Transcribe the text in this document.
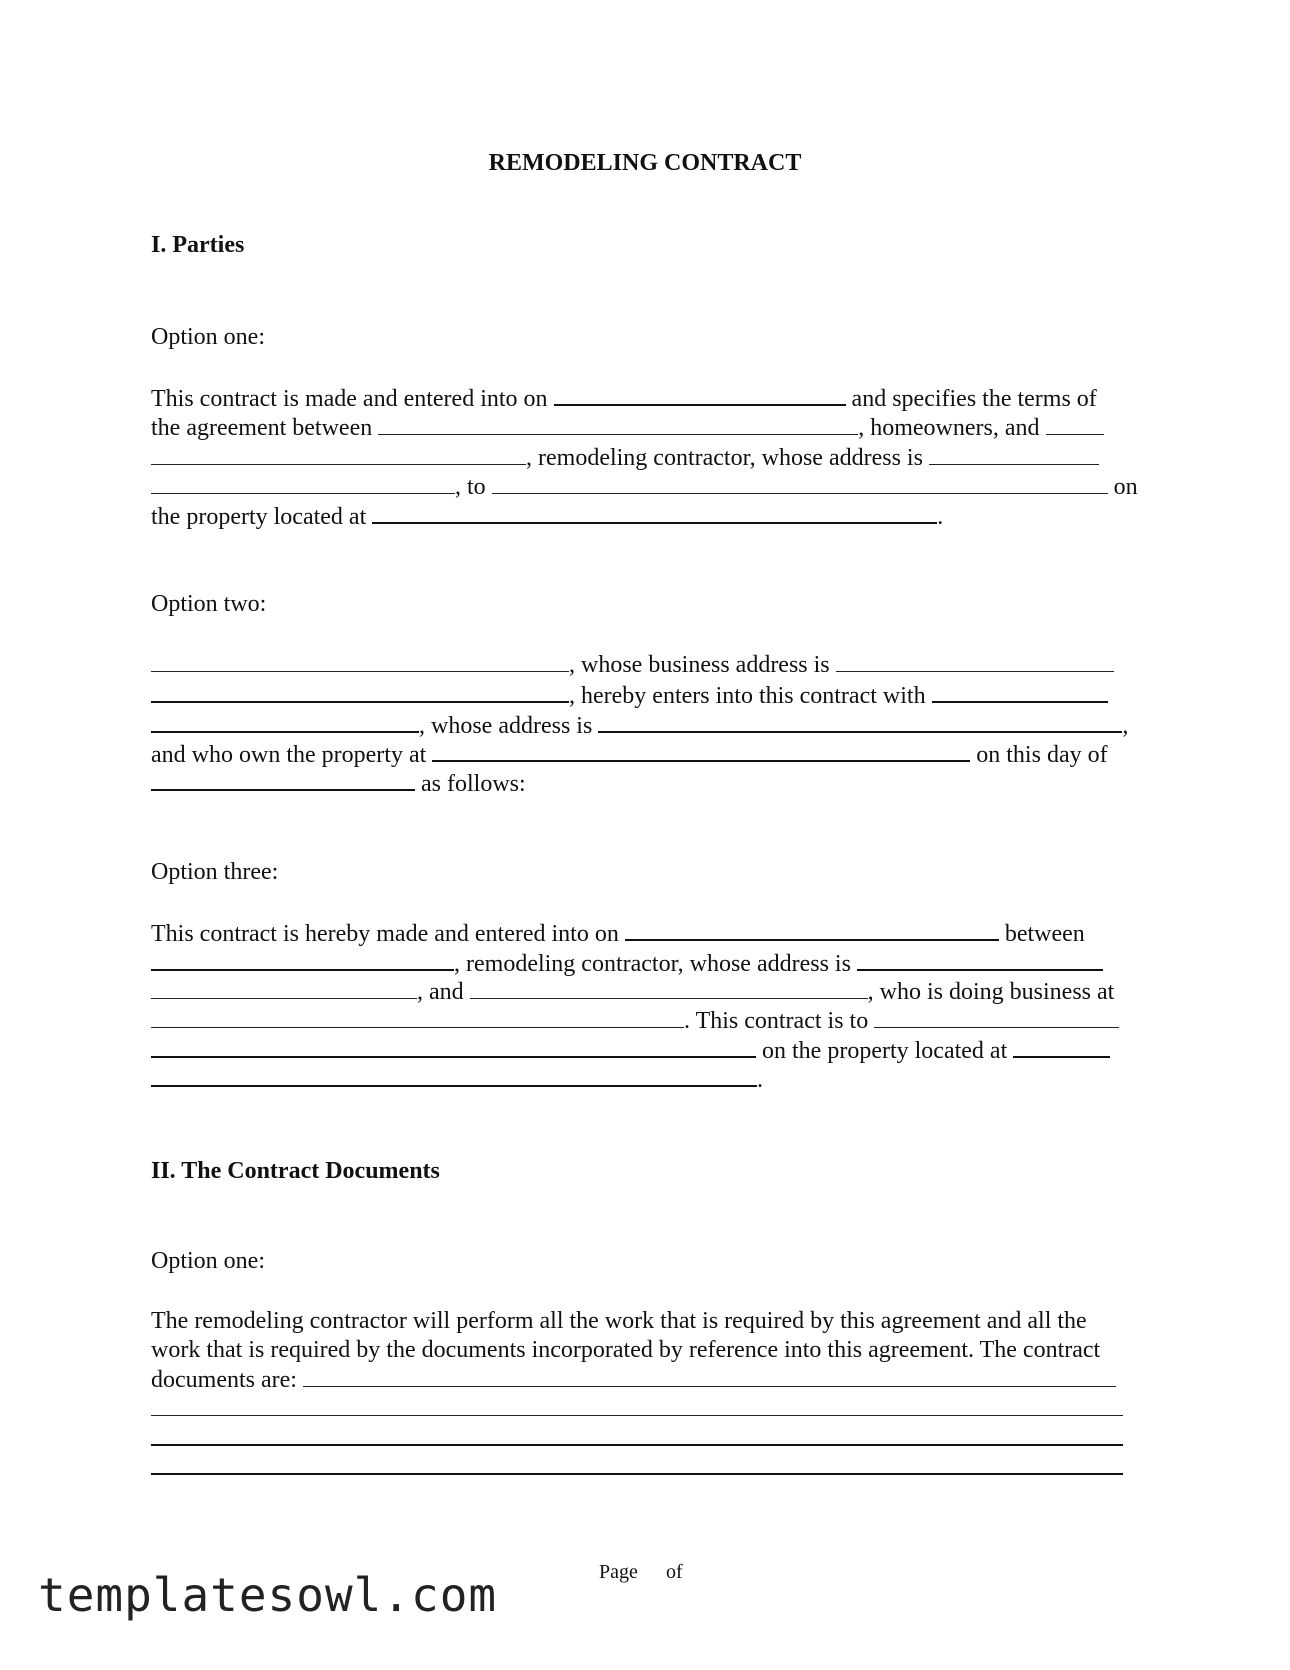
REMODELING CONTRACT
I. Parties
Option one:
This contract is made and entered into on	and specifies the terms of
the agreement between	, homeowners, and
, remodeling contractor, whose address is
, to	on
the property located at	.
Option two:
, whose business address is
, hereby enters into this contract with
, whose address is	,
and who own the property at	on this day of
as follows:
Option three:
This contract is hereby made and entered into on	between
, remodeling contractor, whose address is
, and	, who is doing business at
. This contract is to
on the property located at
.
II. The Contract Documents
Option one:
The remodeling contractor will perform all the work that is required by this agreement and all the
work that is required by the documents incorporated by reference into this agreement. The contract
documents are:
Page of
templatesowl.com
